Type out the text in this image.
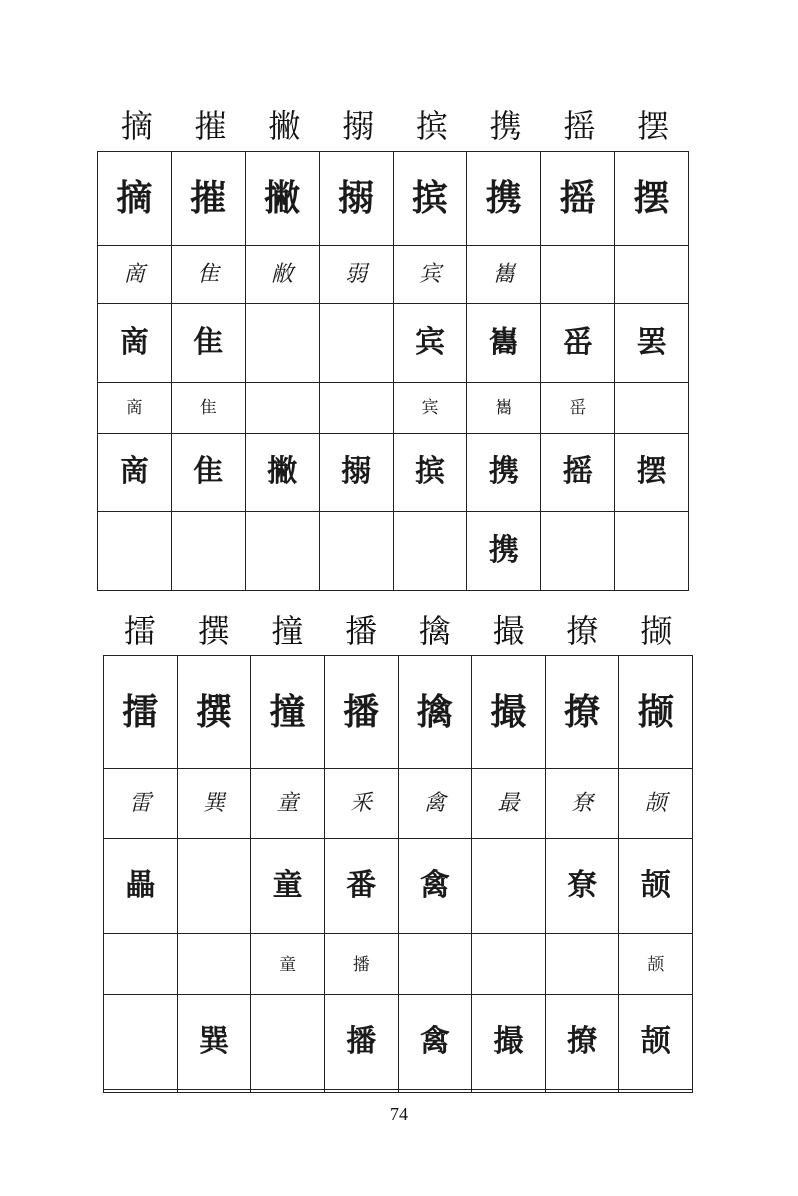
摘	摧	撇	搦	摈	携	摇	摆
摘	摧	撇	搦	摈	携	摇	摆
啇	隹	敝	弱	宾	巂		
啇	隹			宾	巂	䍃	罢
啇	隹			宾	巂	䍃	
啇	隹	撇	搦	摈	携	摇	摆
					携		
擂	撰	撞	播	擒	撮	撩	撷
擂	撰	撞	播	擒	撮	撩	撷
雷	巽	童	釆	禽	最	尞	颉
畾		童	番	禽		尞	颉
		童	播				颉
	巽		播	禽	撮	撩	颉

74
